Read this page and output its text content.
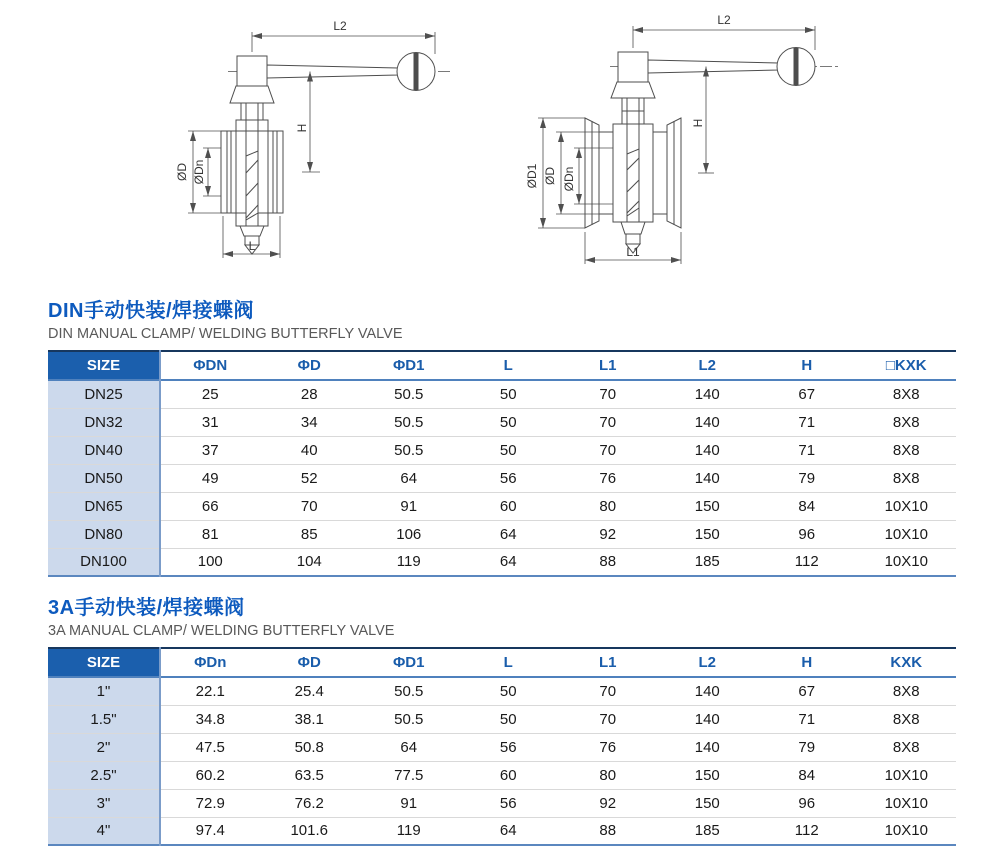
L2
H
ØD ØDn
L
L2
H
ØD1 ØD ØDn
L1
DIN手动快装/焊接蝶阀
DIN MANUAL CLAMP/ WELDING BUTTERFLY VALVE
SIZE	ΦDN	ΦD	ΦD1	L	L1	L2	H	□KXK
DN25	25	28	50.5	50	70	140	67	8X8
DN32	31	34	50.5	50	70	140	71	8X8
DN40	37	40	50.5	50	70	140	71	8X8
DN50	49	52	64	56	76	140	79	8X8
DN65	66	70	91	60	80	150	84	10X10
DN80	81	85	106	64	92	150	96	10X10
DN100	100	104	119	64	88	185	112	10X10
3A手动快装/焊接蝶阀
3A MANUAL CLAMP/ WELDING BUTTERFLY VALVE
SIZE	ΦDn	ΦD	ΦD1	L	L1	L2	H	KXK
1"	22.1	25.4	50.5	50	70	140	67	8X8
1.5"	34.8	38.1	50.5	50	70	140	71	8X8
2"	47.5	50.8	64	56	76	140	79	8X8
2.5"	60.2	63.5	77.5	60	80	150	84	10X10
3"	72.9	76.2	91	56	92	150	96	10X10
4"	97.4	101.6	119	64	88	185	112	10X10
